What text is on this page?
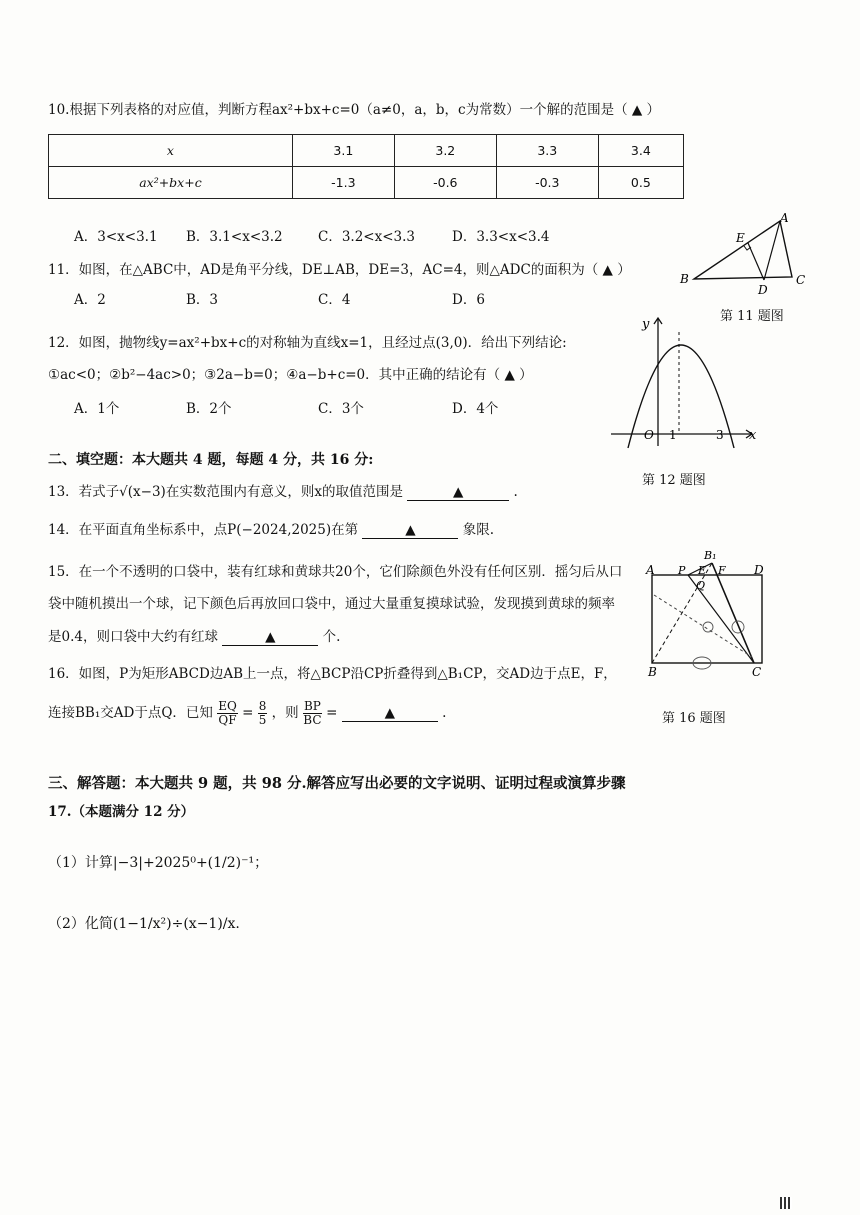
10.根据下列表格的对应值，判断方程ax²+bx+c=0（a≠0，a，b，c为常数）一个解的范围是（ ▲ ）
x	3.1	3.2	3.3	3.4
ax²+bx+c	-1.3	-0.6	-0.3	0.5
A．3<x<3.1 B．3.1<x<3.2	C．3.2<x<3.3	D．3.3<x<3.4
11．如图，在△ABC中，AD是角平分线，DE⊥AB，DE=3，AC=4，则△ADC的面积为（ ▲ ）
A．2	B．3	C．4	D．6
A
B	C
D
E
第 11 题图
12．如图，抛物线y=ax²+bx+c的对称轴为直线x=1，且经过点(3,0)．给出下列结论:
①ac<0；②b²−4ac>0；③2a−b=0；④a−b+c=0．其中正确的结论有（ ▲ ）
A．1个	B．2个	C．3个	D．4个
y
x
O 1	3
第 12 题图
二、填空题：本大题共 4 题，每题 4 分，共 16 分:
13．若式子√(x−3)在实数范围内有意义，则x的取值范围是	▲	.
14．在平面直角坐标系中，点P(−2024,2025)在第	▲	象限.
15．在一个不透明的口袋中，装有红球和黄球共20个，它们除颜色外没有任何区别．摇匀后从口
袋中随机摸出一个球，记下颜色后再放回口袋中，通过大量重复摸球试验，发现摸到黄球的频率
是0.4，则口袋中大约有红球	▲	个.
16．如图，P为矩形ABCD边AB上一点，将△BCP沿CP折叠得到△B₁CP，交AD边于点E，F，
连接BB₁交AD于点Q．已知 $\frac{EQ}{QF} = \frac{8}{5}$ ，则 $\frac{BP}{BC}$ =	▲	.
A
B	C
D
E F
Q
P
B₁
第 16 题图
三、解答题：本大题共 9 题，共 98 分.解答应写出必要的文字说明、证明过程或演算步骤
17.（本题满分 12 分）
（1）计算|−3|+2025⁰+(1/2)⁻¹；
（2）化简(1−1/x²)÷(x−1)/x.
